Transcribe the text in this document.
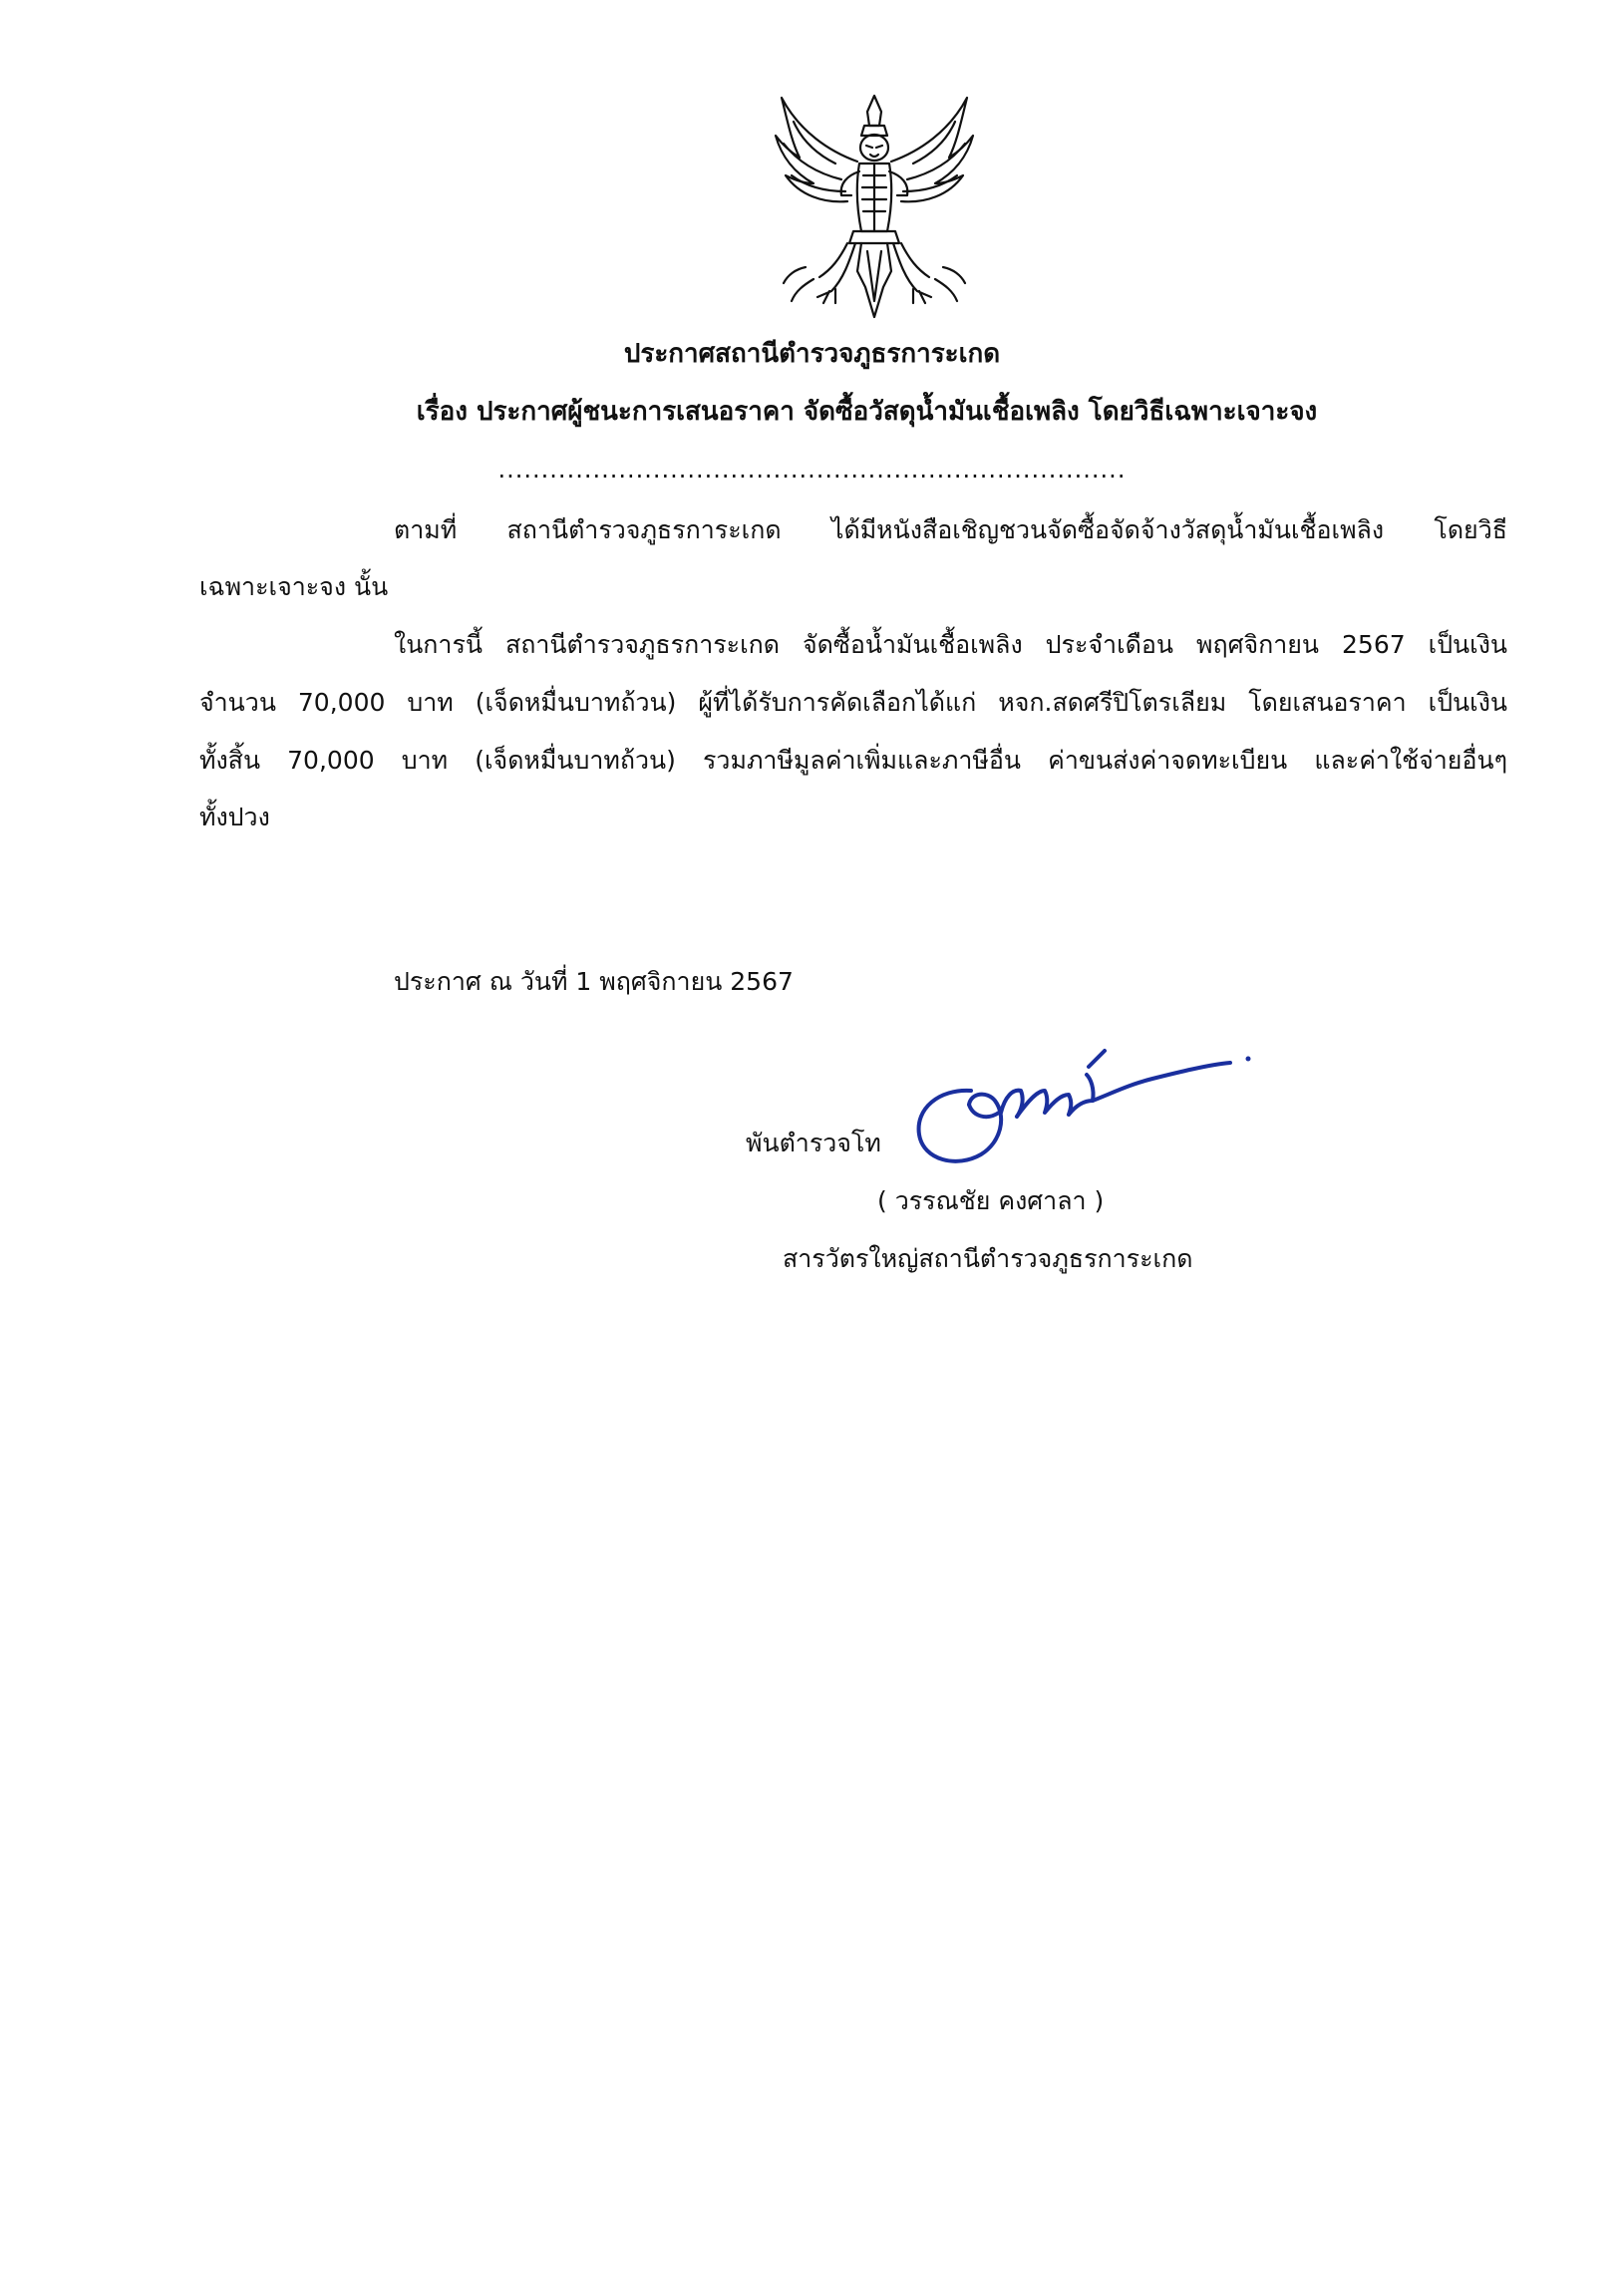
ประกาศสถานีตำรวจภูธรการะเกด
เรื่อง ประกาศผู้ชนะการเสนอราคา จัดซื้อวัสดุน้ำมันเชื้อเพลิง โดยวิธีเฉพาะเจาะจง
.........................................................................
ตามที่ สถานีตำรวจภูธรการะเกด ได้มีหนังสือเชิญชวนจัดซื้อจัดจ้างวัสดุน้ำมันเชื้อเพลิง โดยวิธี
เฉพาะเจาะจง นั้น
ในการนี้ สถานีตำรวจภูธรการะเกด จัดซื้อน้ำมันเชื้อเพลิง ประจำเดือน พฤศจิกายน 2567 เป็นเงิน
จำนวน 70,000 บาท (เจ็ดหมื่นบาทถ้วน) ผู้ที่ได้รับการคัดเลือกได้แก่ หจก.สดศรีปิโตรเลียม โดยเสนอราคา เป็นเงิน
ทั้งสิ้น 70,000 บาท (เจ็ดหมื่นบาทถ้วน) รวมภาษีมูลค่าเพิ่มและภาษีอื่น ค่าขนส่งค่าจดทะเบียน และค่าใช้จ่ายอื่นๆ
ทั้งปวง
ประกาศ ณ วันที่ 1 พฤศจิกายน 2567
พันตำรวจโท
( วรรณชัย คงศาลา )
สารวัตรใหญ่สถานีตำรวจภูธรการะเกด
